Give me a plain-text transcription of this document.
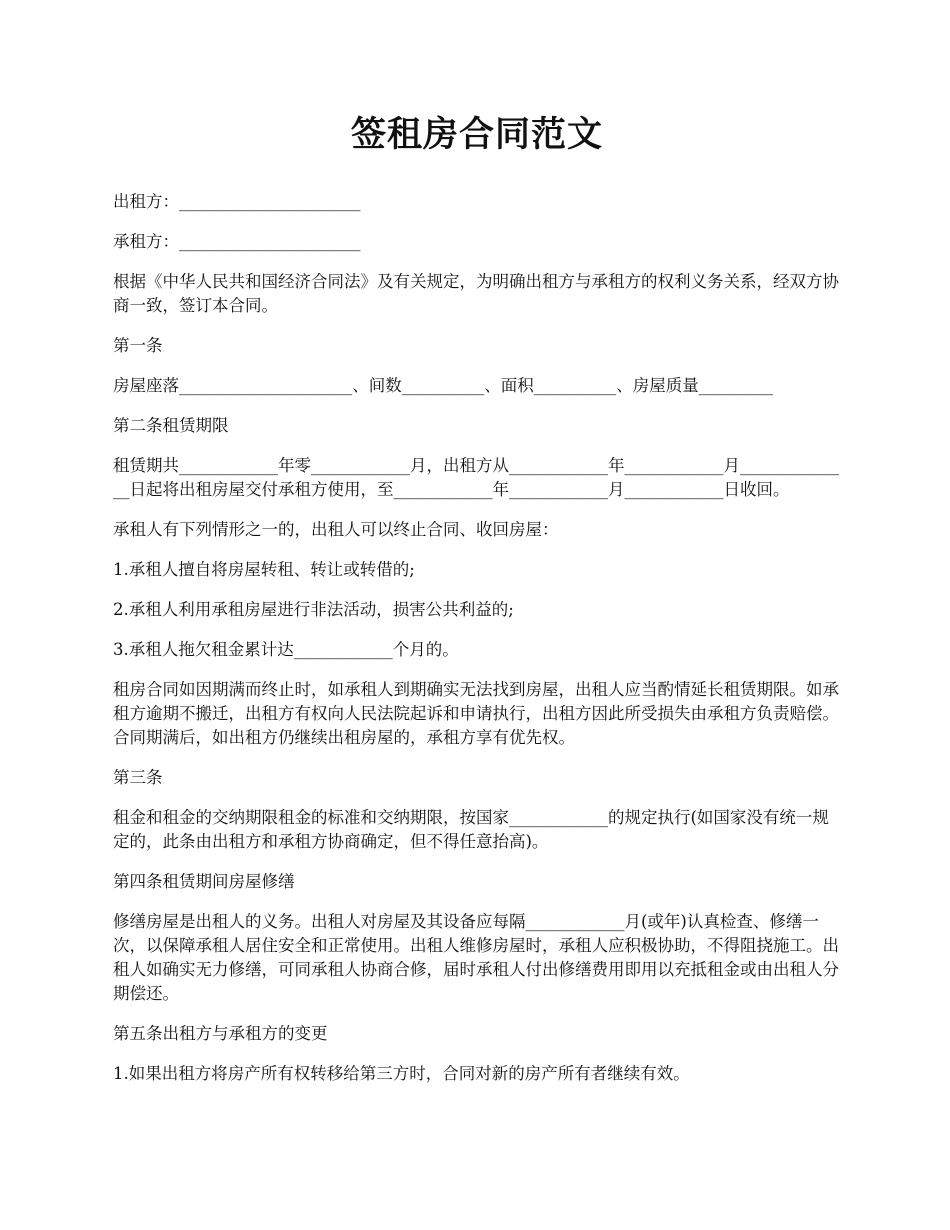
签租房合同范文

出租方：______________________

承租方：______________________

根据《中华人民共和国经济合同法》及有关规定，为明确出租方与承租方的权利义务关系，经双方协商一致，签订本合同。

第一条

房屋座落_____________________、间数__________、面积__________、房屋质量_________

第二条租赁期限

租赁期共____________年零____________月，出租方从____________年____________月______________日起将出租房屋交付承租方使用，至____________年____________月____________日收回。

承租人有下列情形之一的，出租人可以终止合同、收回房屋：

1.承租人擅自将房屋转租、转让或转借的;

2.承租人利用承租房屋进行非法活动，损害公共利益的;

3.承租人拖欠租金累计达____________个月的。

租房合同如因期满而终止时，如承租人到期确实无法找到房屋，出租人应当酌情延长租赁期限。如承租方逾期不搬迁，出租方有权向人民法院起诉和申请执行，出租方因此所受损失由承租方负责赔偿。合同期满后，如出租方仍继续出租房屋的，承租方享有优先权。

第三条

租金和租金的交纳期限租金的标准和交纳期限，按国家____________的规定执行(如国家没有统一规定的，此条由出租方和承租方协商确定，但不得任意抬高)。

第四条租赁期间房屋修缮

修缮房屋是出租人的义务。出租人对房屋及其设备应每隔____________月(或年)认真检查、修缮一次，以保障承租人居住安全和正常使用。出租人维修房屋时，承租人应积极协助，不得阻挠施工。出租人如确实无力修缮，可同承租人协商合修，届时承租人付出修缮费用即用以充抵租金或由出租人分期偿还。

第五条出租方与承租方的变更

1.如果出租方将房产所有权转移给第三方时，合同对新的房产所有者继续有效。
